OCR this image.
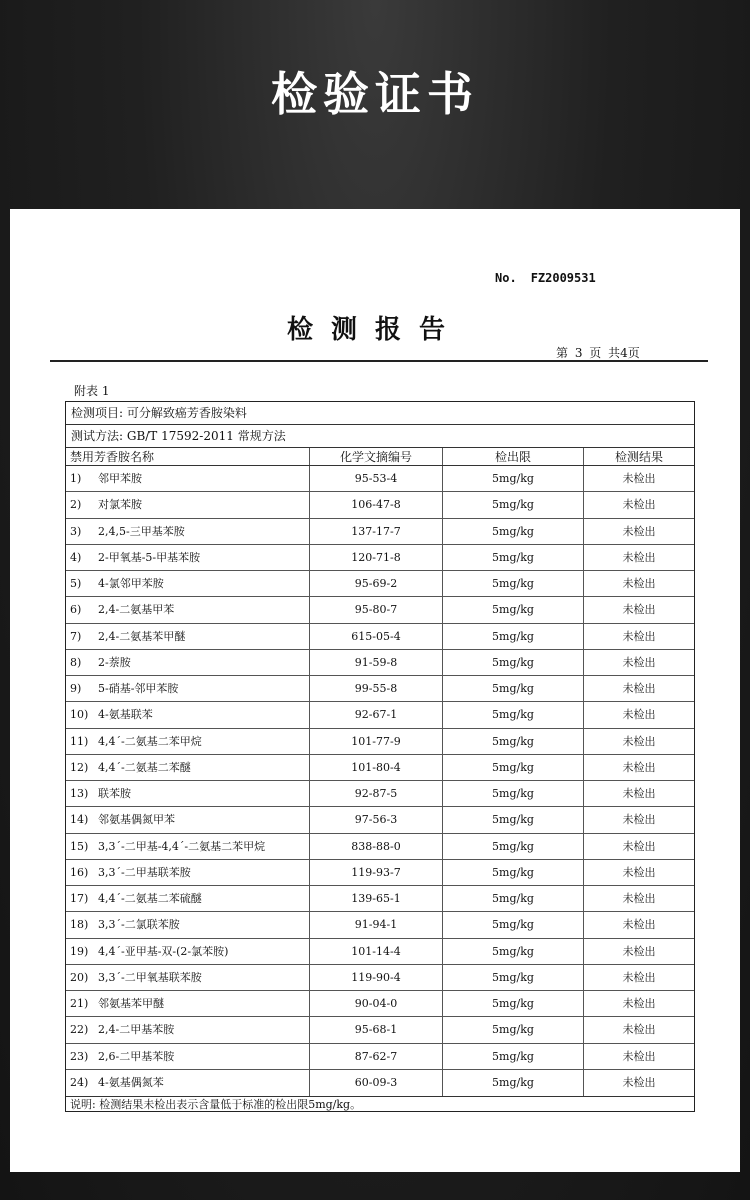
检验证书
No. FZ2009531
检测报告
第 3 页 共4页
附表 1
检测项目: 可分解致癌芳香胺染料
测试方法: GB/T 17592-2011 常规方法
禁用芳香胺名称	化学文摘编号	检出限	检测结果
1) 邻甲苯胺	95-53-4	5mg/kg	未检出
2) 对氯苯胺	106-47-8	5mg/kg	未检出
3) 2,4,5-三甲基苯胺	137-17-7	5mg/kg	未检出
4) 2-甲氧基-5-甲基苯胺	120-71-8	5mg/kg	未检出
5) 4-氯邻甲苯胺	95-69-2	5mg/kg	未检出
6) 2,4-二氨基甲苯	95-80-7	5mg/kg	未检出
7) 2,4-二氨基苯甲醚	615-05-4	5mg/kg	未检出
8) 2-萘胺	91-59-8	5mg/kg	未检出
9) 5-硝基-邻甲苯胺	99-55-8	5mg/kg	未检出
10) 4-氨基联苯	92-67-1	5mg/kg	未检出
11) 4,4´-二氨基二苯甲烷	101-77-9	5mg/kg	未检出
12) 4,4´-二氨基二苯醚	101-80-4	5mg/kg	未检出
13) 联苯胺	92-87-5	5mg/kg	未检出
14) 邻氨基偶氮甲苯	97-56-3	5mg/kg	未检出
15) 3,3´-二甲基-4,4´-二氨基二苯甲烷	838-88-0	5mg/kg	未检出
16) 3,3´-二甲基联苯胺	119-93-7	5mg/kg	未检出
17) 4,4´-二氨基二苯硫醚	139-65-1	5mg/kg	未检出
18) 3,3´-二氯联苯胺	91-94-1	5mg/kg	未检出
19) 4,4´-亚甲基-双-(2-氯苯胺)	101-14-4	5mg/kg	未检出
20) 3,3´-二甲氧基联苯胺	119-90-4	5mg/kg	未检出
21) 邻氨基苯甲醚	90-04-0	5mg/kg	未检出
22) 2,4-二甲基苯胺	95-68-1	5mg/kg	未检出
23) 2,6-二甲基苯胺	87-62-7	5mg/kg	未检出
24) 4-氨基偶氮苯	60-09-3	5mg/kg	未检出
说明: 检测结果未检出表示含量低于标准的检出限5mg/kg。
